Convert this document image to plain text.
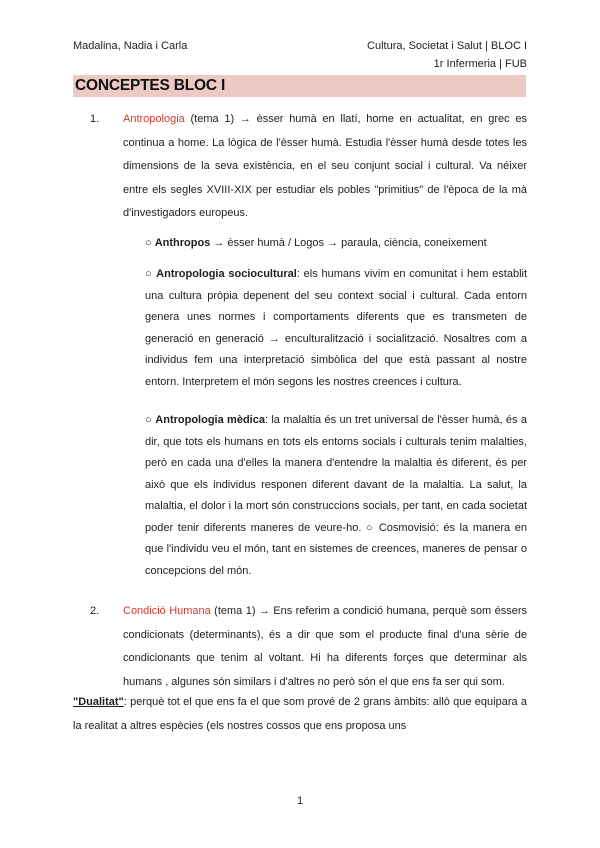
Madalina, Nadia i Carla	Cultura, Societat i Salut | BLOC I
1r Infermeria | FUB
CONCEPTES BLOC I
1. Antropologia (tema 1) → èsser humà en llatí, home en actualitat, en grec es continua a home. La lògica de l'èsser humà. Estudia l'èsser humà desde totes les dimensions de la seva existència, en el seu conjunt social i cultural. Va néixer entre els segles XVIII-XIX per estudiar els pobles "primitius" de l'època de la mà d'investigadors europeus.
○ Anthropos → èsser humà / Logos → paraula, ciència, coneixement
○ Antropologia sociocultural: els humans vivim en comunitat i hem establit una cultura pròpia depenent del seu context social i cultural. Cada entorn genera unes normes i comportaments diferents que es transmeten de generació en generació → enculturalització i socialització. Nosaltres com a individus fem una interpretació simbòlica del que està passant al nostre entorn. Interpretem el món segons les nostres creences i cultura.
○ Antropologia mèdica: la malaltia és un tret universal de l'èsser humà, és a dir, que tots els humans en tots els entorns socials i culturals tenim malalties, però en cada una d'elles la manera d'entendre la malaltia és diferent, és per això que els individus responen diferent davant de la malaltia. La salut, la malaltia, el dolor i la mort són construccions socials, per tant, en cada societat poder tenir diferents maneres de veure-ho. ○ Cosmovisió: és la manera en que l'individu veu el món, tant en sistemes de creences, maneres de pensar o concepcions del món.
2. Condició Humana (tema 1) → Ens referim a condició humana, perquè som éssers condicionats (determinants), és a dir que som el producte final d'una sèrie de condicionants que tenim al voltant. Hi ha diferents forçes que determinar als humans , algunes són similars i d'altres no però són el que ens fa ser qui som.
"Dualitat": perquè tot el que ens fa el que som prové de 2 grans àmbits: allò que equipara a la realitat a altres espècies (els nostres cossos que ens proposa uns
1
